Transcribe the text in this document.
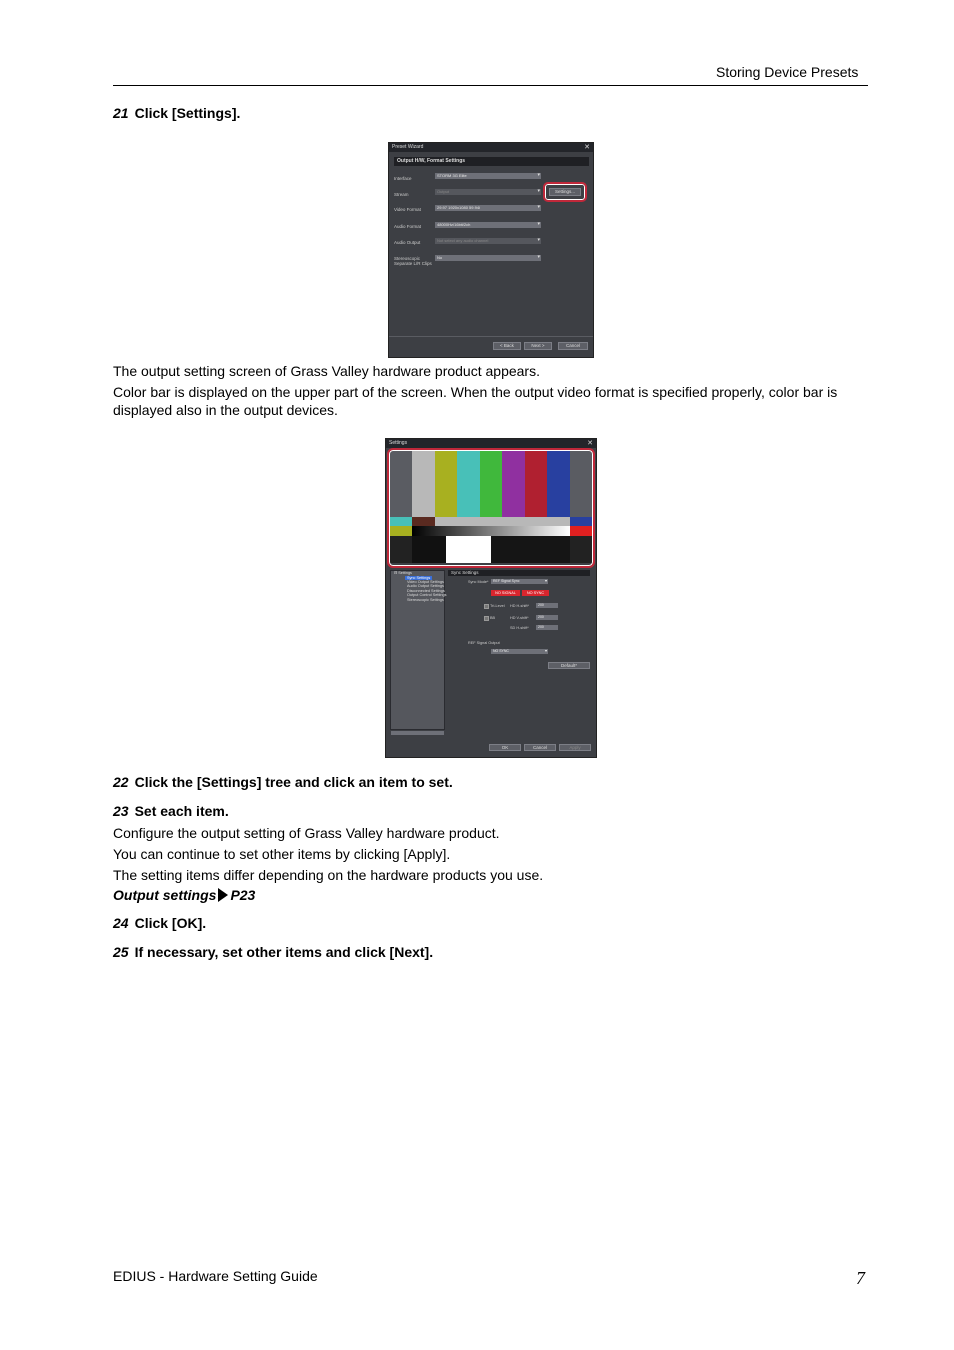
Storing Device Presets
21 Click [Settings].
Preset Wizard	✕
Output H/W, Format Settings
Interface
STORM 3G Elite ▾
Stream
Output ▾
Video Format	29.97 1920x1080 59.94i ▾
Audio Format	48000Hz/16bit/2ch ▾
Audio Output	Not select any audio channel ▾
Stereoscopic Separate L/R Clips
No ▾
Settings...
< Back	Next >	Cancel
The output setting screen of Grass Valley hardware product appears.
Color bar is displayed on the upper part of the screen. When the output video format is specified properly, color bar is displayed also in the output devices.
Settings	✕
⊟ Settings
Sync Settings
Video Output Settings
Audio Output Settings
Disconnected Settings
Output Control Settings
Stereoscopic Settings
Sync Settings
Sync Mode*	REF Signal Sync ▾
NO SIGNAL	NO SYNC
Tri-Level HD H-shift*	200
BB	HD V-shift*	200
SD H-shift*	200
REF Signal Output
NO SYNC ▾
Default*
OK	Cancel	Apply
22 Click the [Settings] tree and click an item to set.
23 Set each item.
Configure the output setting of Grass Valley hardware product.
You can continue to set other items by clicking [Apply].
The setting items differ depending on the hardware products you use.
Output settings P23
24 Click [OK].
25 If necessary, set other items and click [Next].
EDIUS - Hardware Setting Guide	7
